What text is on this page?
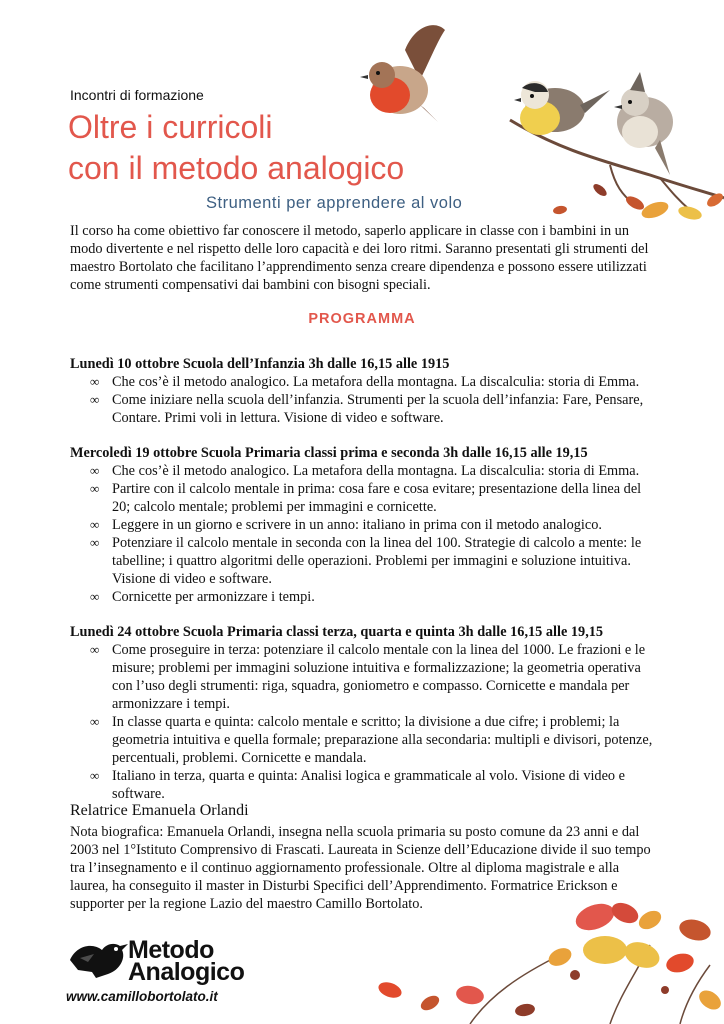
Incontri di formazione
Oltre i curricoli
con il metodo analogico
Strumenti per apprendere al volo

Il corso ha come obiettivo far conoscere il metodo, saperlo applicare in classe con i bambini in un modo divertente e nel rispetto delle loro capacità e dei loro ritmi. Saranno presentati gli strumenti del maestro Bortolato che facilitano l’apprendimento senza creare dipendenza e possono essere utilizzati come strumenti compensativi dai bambini con bisogni speciali.

PROGRAMMA
Lunedì 10 ottobre Scuola dell’Infanzia 3h dalle 16,15 alle 1915
∞ Che cos’è il metodo analogico. La metafora della montagna. La discalculia: storia di Emma.
∞ Come iniziare nella scuola dell’infanzia. Strumenti per la scuola dell’infanzia: Fare, Pensare, Contare. Primi voli in lettura. Visione di video e software.
Mercoledì 19 ottobre Scuola Primaria classi prima e seconda 3h dalle 16,15 alle 19,15
∞ Che cos’è il metodo analogico. La metafora della montagna. La discalculia: storia di Emma.
∞ Partire con il calcolo mentale in prima: cosa fare e cosa evitare; presentazione della linea del 20; calcolo mentale; problemi per immagini e cornicette.
∞ Leggere in un giorno e scrivere in un anno: italiano in prima con il metodo analogico.
∞ Potenziare il calcolo mentale in seconda con la linea del 100. Strategie di calcolo a mente: le tabelline; i quattro algoritmi delle operazioni. Problemi per immagini e soluzione intuitiva. Visione di video e software.
∞ Cornicette per armonizzare i tempi.
Lunedì 24 ottobre Scuola Primaria classi terza, quarta e quinta 3h dalle 16,15 alle 19,15
∞ Come proseguire in terza: potenziare il calcolo mentale con la linea del 1000. Le frazioni e le misure; problemi per immagini soluzione intuitiva e formalizzazione; la geometria operativa con l’uso degli strumenti: riga, squadra, goniometro e compasso. Cornicette e mandala per armonizzare i tempi.
∞ In classe quarta e quinta: calcolo mentale e scritto; la divisione a due cifre; i problemi; la geometria intuitiva e quella formale; preparazione alla secondaria: multipli e divisori, potenze, percentuali, problemi. Cornicette e mandala.
∞ Italiano in terza, quarta e quinta: Analisi logica e grammaticale al volo. Visione di video e software.
Relatrice Emanuela Orlandi

Nota biografica: Emanuela Orlandi, insegna nella scuola primaria su posto comune da 23 anni e dal 2003 nel 1°Istituto Comprensivo di Frascati. Laureata in Scienze dell’Educazione divide il suo tempo tra l’insegnamento e il continuo aggiornamento professionale. Oltre al diploma magistrale e alla laurea, ha conseguito il master in Disturbi Specifici dell’Apprendimento. Formatrice Erickson e supporter per la regione Lazio del maestro Camillo Bortolato.

Metodo
Analogico
www.camillobortolato.it
